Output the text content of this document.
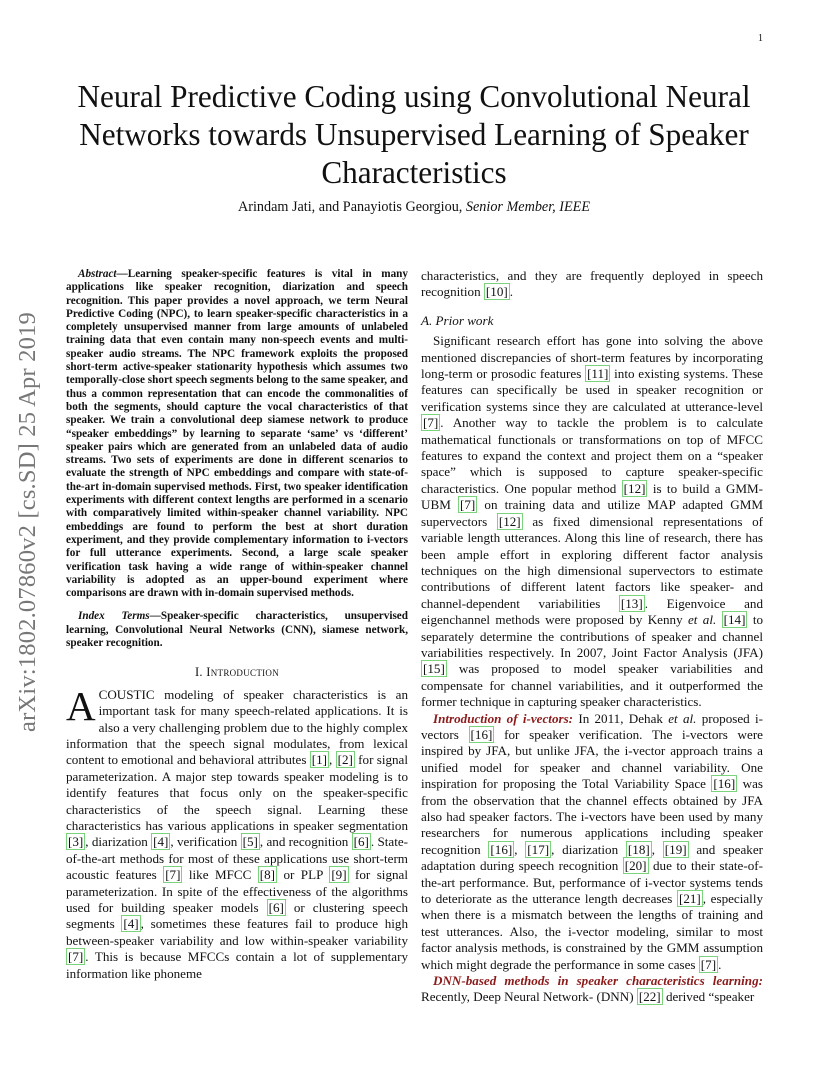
1
arXiv:1802.07860v2 [cs.SD] 25 Apr 2019
Neural Predictive Coding using Convolutional Neural Networks towards Unsupervised Learning of Speaker Characteristics
Arindam Jati, and Panayiotis Georgiou, Senior Member, IEEE

Abstract—Learning speaker-specific features is vital in many applications like speaker recognition, diarization and speech recognition. This paper provides a novel approach, we term Neural Predictive Coding (NPC), to learn speaker-specific characteristics in a completely unsupervised manner from large amounts of unlabeled training data that even contain many non-speech events and multi-speaker audio streams. The NPC framework exploits the proposed short-term active-speaker stationarity hypothesis which assumes two temporally-close short speech segments belong to the same speaker, and thus a common representation that can encode the commonalities of both the segments, should capture the vocal characteristics of that speaker. We train a convolutional deep siamese network to produce “speaker embeddings” by learning to separate ‘same’ vs ‘different’ speaker pairs which are generated from an unlabeled data of audio streams. Two sets of experiments are done in different scenarios to evaluate the strength of NPC embeddings and compare with state-of-the-art in-domain supervised methods. First, two speaker identification experiments with different context lengths are performed in a scenario with comparatively limited within-speaker channel variability. NPC embeddings are found to perform the best at short duration experiment, and they provide complementary information to i-vectors for full utterance experiments. Second, a large scale speaker verification task having a wide range of within-speaker channel variability is adopted as an upper-bound experiment where comparisons are drawn with in-domain supervised methods.

Index Terms—Speaker-specific characteristics, unsupervised learning, Convolutional Neural Networks (CNN), siamese network, speaker recognition.

I. Introduction

ACOUSTIC modeling of speaker characteristics is an important task for many speech-related applications. It is also a very challenging problem due to the highly complex information that the speech signal modulates, from lexical content to emotional and behavioral attributes [1] , [2] for signal parameterization. A major step towards speaker modeling is to identify features that focus only on the speaker-specific characteristics of the speech signal. Learning these characteristics has various applications in speaker segmentation [3] , diarization [4] , verification [5] , and recognition [6] . State-of-the-art methods for most of these applications use short-term acoustic features [7] like MFCC [8] or PLP [9] for signal parameterization. In spite of the effectiveness of the algorithms used for building speaker models [6] or clustering speech segments [4] , sometimes these features fail to produce high between-speaker variability and low within-speaker variability [7] . This is because MFCCs contain a lot of supplementary information like phoneme

characteristics, and they are frequently deployed in speech recognition [10] .

A. Prior work

Significant research effort has gone into solving the above mentioned discrepancies of short-term features by incorporating long-term or prosodic features [11] into existing systems. These features can specifically be used in speaker recognition or verification systems since they are calculated at utterance-level [7] . Another way to tackle the problem is to calculate mathematical functionals or transformations on top of MFCC features to expand the context and project them on a “speaker space” which is supposed to capture speaker-specific characteristics. One popular method [12] is to build a GMM-UBM [7] on training data and utilize MAP adapted GMM supervectors [12] as fixed dimensional representations of variable length utterances. Along this line of research, there has been ample effort in exploring different factor analysis techniques on the high dimensional supervectors to estimate contributions of different latent factors like speaker- and channel-dependent variabilities [13] . Eigenvoice and eigenchannel methods were proposed by Kenny et al. [14] to separately determine the contributions of speaker and channel variabilities respectively. In 2007, Joint Factor Analysis (JFA) [15] was proposed to model speaker variabilities and compensate for channel variabilities, and it outperformed the former technique in capturing speaker characteristics.

Introduction of i-vectors: In 2011, Dehak et al. proposed i-vectors [16] for speaker verification. The i-vectors were inspired by JFA, but unlike JFA, the i-vector approach trains a unified model for speaker and channel variability. One inspiration for proposing the Total Variability Space [16] was from the observation that the channel effects obtained by JFA also had speaker factors. The i-vectors have been used by many researchers for numerous applications including speaker recognition [16] , [17] , diarization [18] , [19] and speaker adaptation during speech recognition [20] due to their state-of-the-art performance. But, performance of i-vector systems tends to deteriorate as the utterance length decreases [21] , especially when there is a mismatch between the lengths of training and test utterances. Also, the i-vector modeling, similar to most factor analysis methods, is constrained by the GMM assumption which might degrade the performance in some cases [7] .

DNN-based methods in speaker characteristics learning: Recently, Deep Neural Network- (DNN) [22] derived “speaker
